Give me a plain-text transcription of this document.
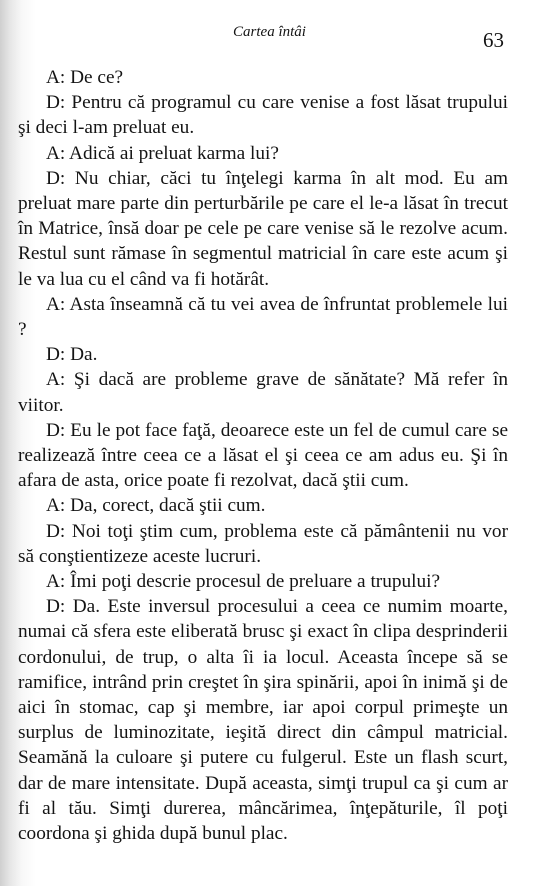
Cartea întâi	63

A: De ce?

D: Pentru că programul cu care venise a fost lăsat trupului şi deci l-am preluat eu.

A: Adică ai preluat karma lui?

D: Nu chiar, căci tu înţelegi karma în alt mod. Eu am preluat mare parte din perturbările pe care el le-a lăsat în trecut în Matrice, însă doar pe cele pe care venise să le rezolve acum. Restul sunt rămase în segmentul matricial în care este acum şi le va lua cu el când va fi hotărât.

A: Asta înseamnă că tu vei avea de înfruntat problemele lui ?

D: Da.

A: Şi dacă are probleme grave de sănătate? Mă refer în viitor.

D: Eu le pot face faţă, deoarece este un fel de cumul care se realizează între ceea ce a lăsat el şi ceea ce am adus eu. Şi în afara de asta, orice poate fi rezolvat, dacă ştii cum.

A: Da, corect, dacă ştii cum.

D: Noi toţi ştim cum, problema este că pământenii nu vor să conştientizeze aceste lucruri.

A: Îmi poţi descrie procesul de preluare a trupului?

D: Da. Este inversul procesului a ceea ce numim moarte, numai că sfera este eliberată brusc şi exact în clipa desprinderii cordonului, de trup, o alta îi ia locul. Aceasta începe să se ramifice, intrând prin creştet în şira spinării, apoi în inimă şi de aici în stomac, cap şi membre, iar apoi corpul primeşte un surplus de luminozitate, ieşită direct din câmpul matricial. Seamănă la culoare şi putere cu fulgerul. Este un flash scurt, dar de mare intensitate. După aceasta, simţi trupul ca şi cum ar fi al tău. Simţi durerea, mâncărimea, înţepăturile, îl poţi coordona şi ghida după bunul plac.
